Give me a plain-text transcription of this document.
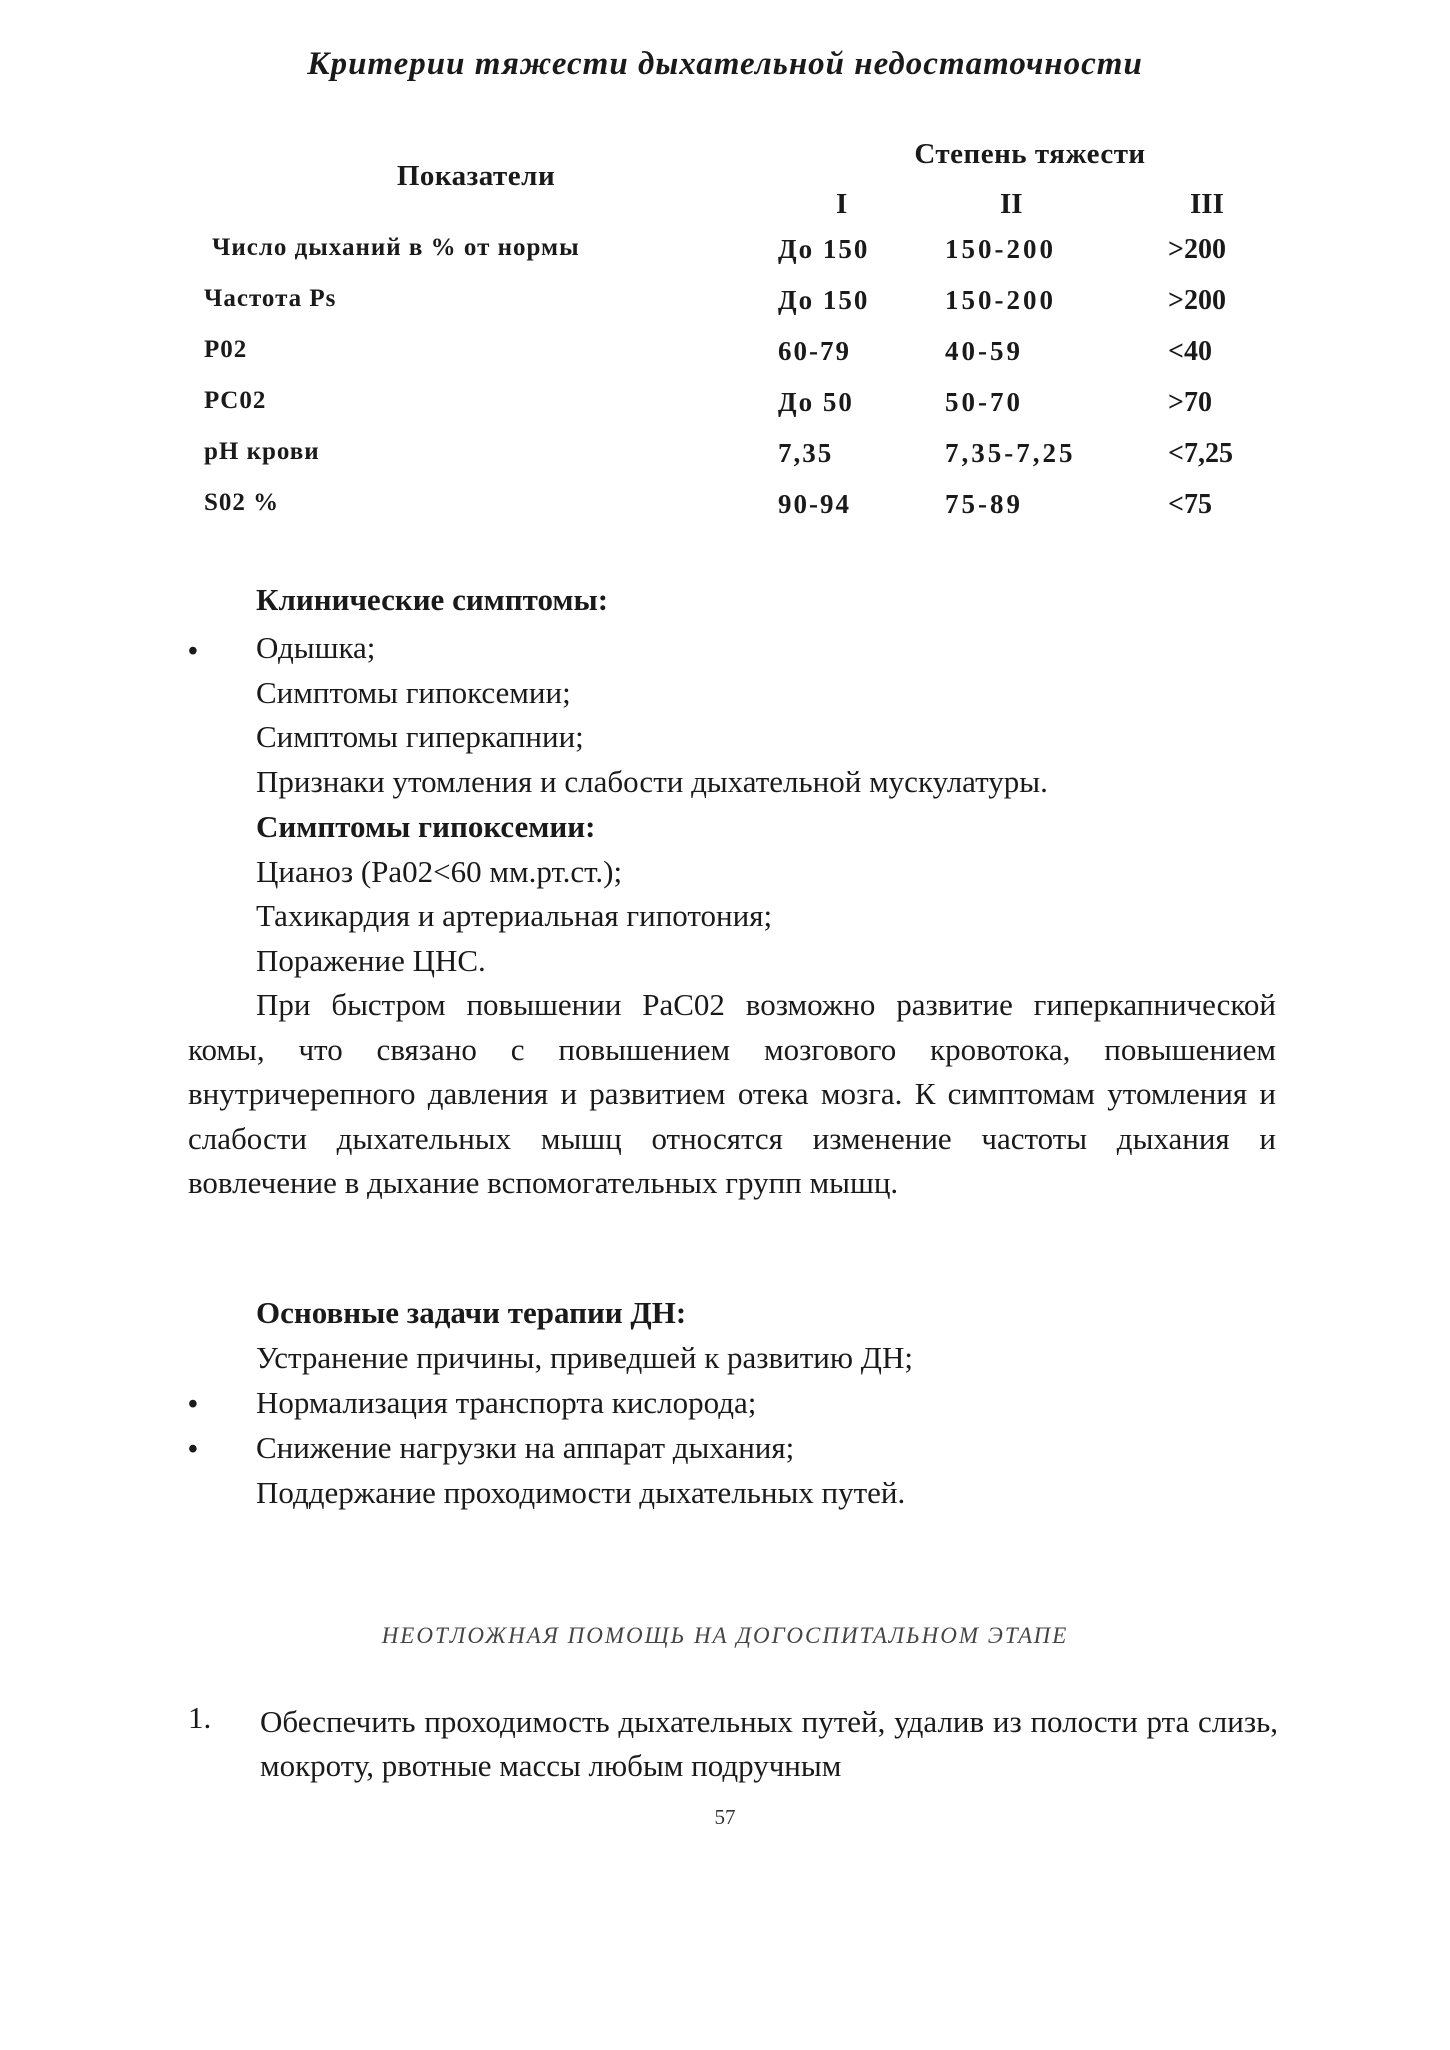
Критерии тяжести дыхательной недостаточности
Показатели
Степень тяжести
I	II	III
Число дыханий в % от нормы	До 150	150-200	>200
Частота Ps	До 150	150-200	>200
P02	60-79	40-59	<40
PC02	До 50	50-70	>70
pH крови	7,35	7,35-7,25	<7,25
S02 %	90-94	75-89	<75
Клинические симптомы:
• Одышка;
Симптомы гипоксемии;
Симптомы гиперкапнии;
Признаки утомления и слабости дыхательной мускулатуры.
Симптомы гипоксемии:
Цианоз (Ра02<60 мм.рт.ст.);
Тахикардия и артериальная гипотония;
Поражение ЦНС.
При быстром повышении РаС02 возможно развитие гиперкапнической комы, что связано с повышением мозгового кровотока, повышением внутричерепного давления и развитием отека мозга. К симптомам утомления и слабости дыхательных мышц относятся изменение частоты дыхания и вовлечение в дыхание вспомогательных групп мышц.
Основные задачи терапии ДН:
Устранение причины, приведшей к развитию ДН;
• Нормализация транспорта кислорода;
• Снижение нагрузки на аппарат дыхания;
Поддержание проходимости дыхательных путей.
НЕОТЛОЖНАЯ ПОМОЩЬ НА ДОГОСПИТАЛЬНОМ ЭТАПЕ
1. Обеспечить проходимость дыхательных путей, удалив из полости рта слизь, мокроту, рвотные массы любым подручным
57
